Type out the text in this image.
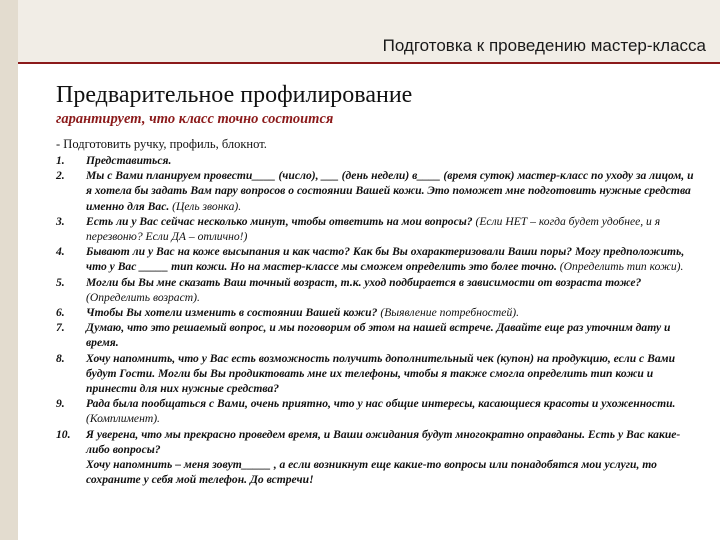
Подготовка к проведению мастер-класса
Предварительное профилирование
гарантирует, что класс точно состоится
- Подготовить ручку, профиль, блокнот.
1. Представиться.
2. Мы с Вами планируем провести____ (число), ___ (день недели) в____ (время суток) мастер-класс по уходу за лицом, и я хотела бы задать Вам пару вопросов о состоянии Вашей кожи. Это поможет мне подготовить нужные средства именно для Вас. (Цель звонка).
3. Есть ли у Вас сейчас несколько минут, чтобы ответить на мои вопросы? (Если НЕТ – когда будет удобнее, и я перезвоню? Если ДА – отлично!)
4. Бывают ли у Вас на коже высыпания и как часто? Как бы Вы охарактеризовали Ваши поры? Могу предположить, что у Вас _____ тип кожи. Но на мастер-классе мы сможем определить это более точно. (Определить тип кожи).
5. Могли бы Вы мне сказать Ваш точный возраст, т.к. уход подбирается в зависимости от возраста тоже? (Определить возраст).
6. Чтобы Вы хотели изменить в состоянии Вашей кожи? (Выявление потребностей).
7. Думаю, что это решаемый вопрос, и мы поговорим об этом на нашей встрече. Давайте еще раз уточним дату и время.
8. Хочу напомнить, что у Вас есть возможность получить дополнительный чек (купон) на продукцию, если с Вами будут Гости. Могли бы Вы продиктовать мне их телефоны, чтобы я также смогла определить тип кожи и принести для них нужные средства?
9. Рада была пообщаться с Вами, очень приятно, что у нас общие интересы, касающиеся красоты и ухоженности. (Комплимент).
10. Я уверена, что мы прекрасно проведем время, и Ваши ожидания будут многократно оправданы. Есть у Вас какие-либо вопросы?
Хочу напомнить – меня зовут_____ , а если возникнут еще какие-то вопросы или понадобятся мои услуги, то сохраните у себя мой телефон. До встречи!
